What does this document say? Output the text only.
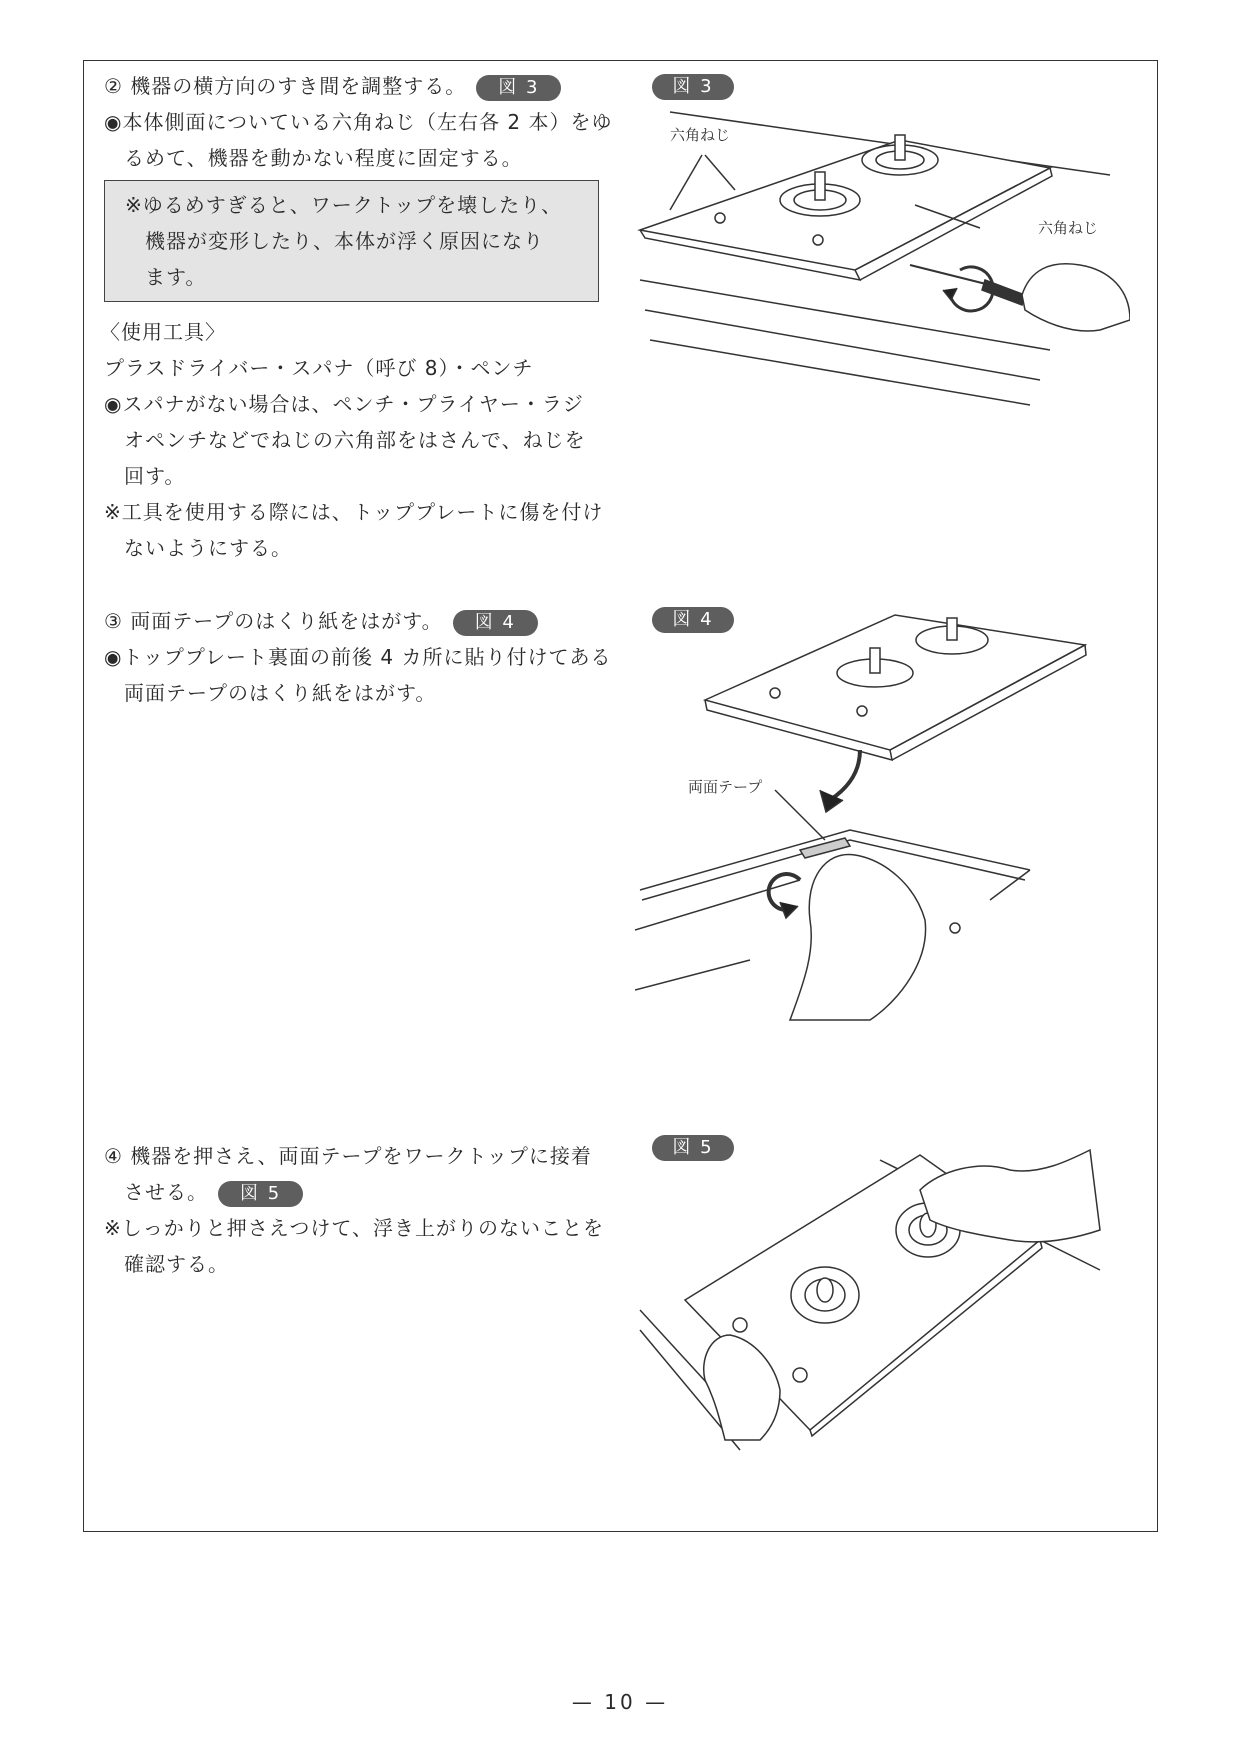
② 機器の横方向のすき間を調整する。 図 3
◉本体側面についている六角ねじ（左右各 2 本）をゆ
るめて、機器を動かない程度に固定する。
※ゆるめすぎると、ワークトップを壊したり、
機器が変形したり、本体が浮く原因になり
ます。
〈使用工具〉
プラスドライバー・スパナ（呼び 8）・ペンチ
◉スパナがない場合は、ペンチ・プライヤー・ラジ
オペンチなどでねじの六角部をはさんで、ねじを
回す。
※工具を使用する際には、トッププレートに傷を付け
ないようにする。
③ 両面テープのはくり紙をはがす。 図 4
◉トッププレート裏面の前後 4 カ所に貼り付けてある
両面テープのはくり紙をはがす。
④ 機器を押さえ、両面テープをワークトップに接着
させる。 図 5
※しっかりと押さえつけて、浮き上がりのないことを
確認する。
図 3
六角ねじ
六角ねじ
図 4
両面テープ
図 5
— 10 —
